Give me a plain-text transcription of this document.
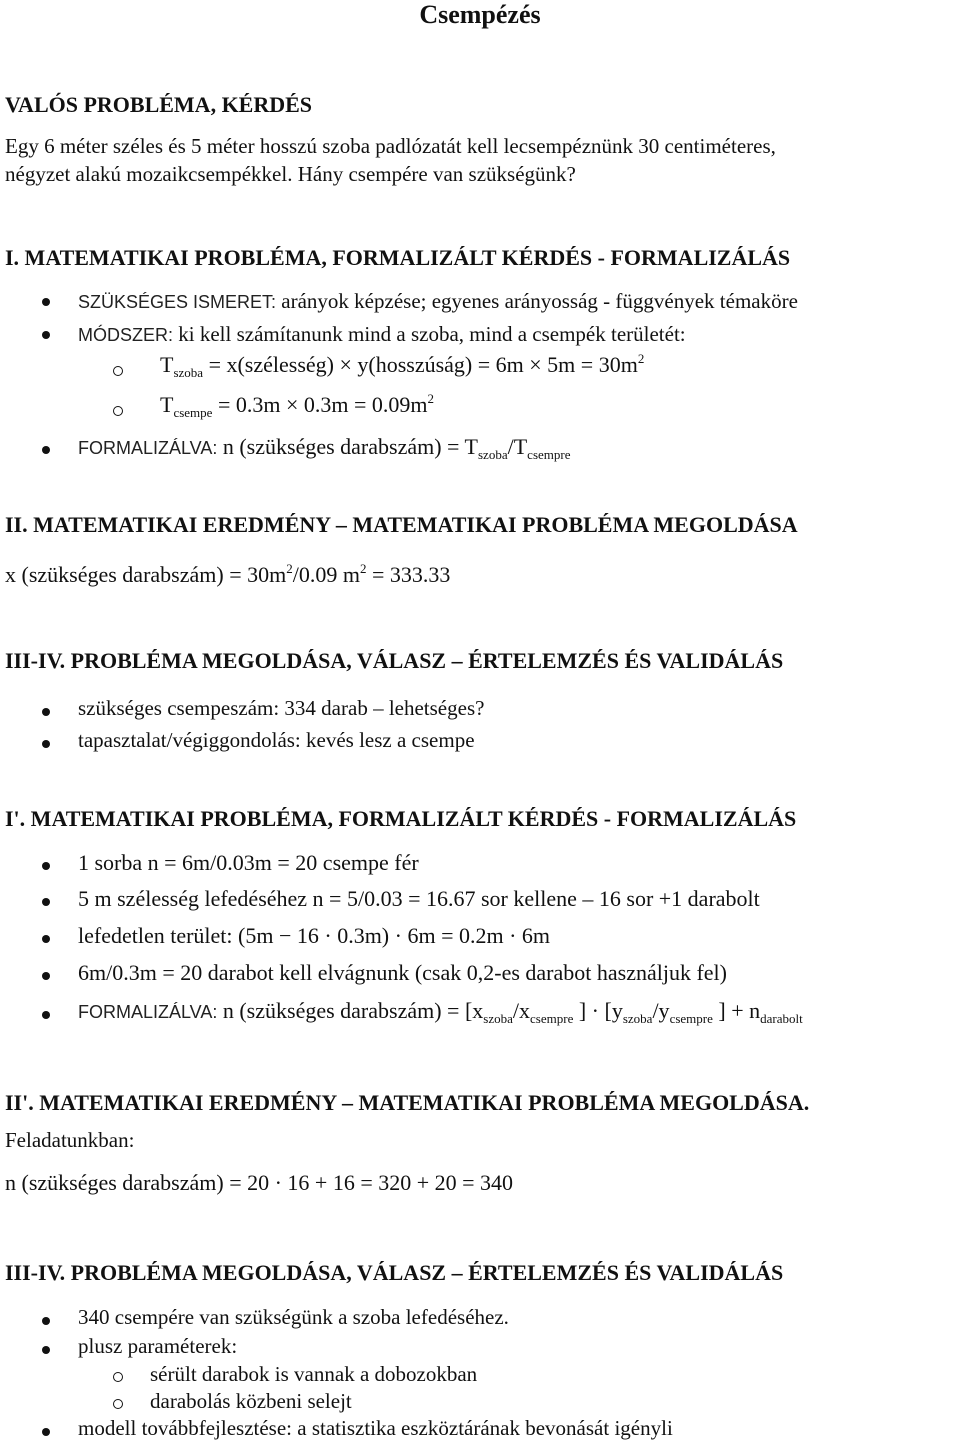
Csempézés
VALÓS PROBLÉMA, KÉRDÉS
Egy 6 méter széles és 5 méter hosszú szoba padlózatát kell lecsempéznünk 30 centiméteres,
négyzet alakú mozaikcsempékkel. Hány csempére van szükségünk?
I. MATEMATIKAI PROBLÉMA, FORMALIZÁLT KÉRDÉS - FORMALIZÁLÁS
SZÜKSÉGES ISMERET: arányok képzése; egyenes arányosság - függvények témaköre
MÓDSZER: ki kell számítanunk mind a szoba, mind a csempék területét:
$T_{szoba}$ = x(szélesség) × y(hosszúság) = $6m \times 5m = 30m^2$
$T_{csempe} = 0.3m \times 0.3m = 0.09m^2$
FORMALIZÁLVA: n (szükséges darabszám) = $T_{szoba}/T_{csempre}$
II. MATEMATIKAI EREDMÉNY – MATEMATIKAI PROBLÉMA MEGOLDÁSA
x (szükséges darabszám) = $30m^2/0.09$ $m^2 = 333.33$
III-IV. PROBLÉMA MEGOLDÁSA, VÁLASZ – ÉRTELEMZÉS ÉS VALIDÁLÁS
szükséges csempeszám: 334 darab – lehetséges?
tapasztalat/végiggondolás: kevés lesz a csempe
I'. MATEMATIKAI PROBLÉMA, FORMALIZÁLT KÉRDÉS - FORMALIZÁLÁS
1 sorba n = 6m/0.03m = 20 csempe fér
5 m szélesség lefedéséhez n = 5/0.03 = 16.67 sor kellene – 16 sor +1 darabolt
lefedetlen terület: (5m − 16 · 0.3m) · 6m = 0.2m · 6m
6m/0.3m = 20 darabot kell elvágnunk (csak 0,2-es darabot használjuk fel)
FORMALIZÁLVA: n (szükséges darabszám) = [$x_{szoba}/x_{csempre}$ ] · [$y_{szoba}/y_{csempre}$ ] + $n_{darabolt}$
II'. MATEMATIKAI EREDMÉNY – MATEMATIKAI PROBLÉMA MEGOLDÁSA.
Feladatunkban:
n (szükséges darabszám) = 20 · 16 + 16 = 320 + 20 = 340
III-IV. PROBLÉMA MEGOLDÁSA, VÁLASZ – ÉRTELEMZÉS ÉS VALIDÁLÁS
340 csempére van szükségünk a szoba lefedéséhez.
plusz paraméterek:
sérült darabok is vannak a dobozokban
darabolás közbeni selejt
modell továbbfejlesztése: a statisztika eszköztárának bevonását igényli
